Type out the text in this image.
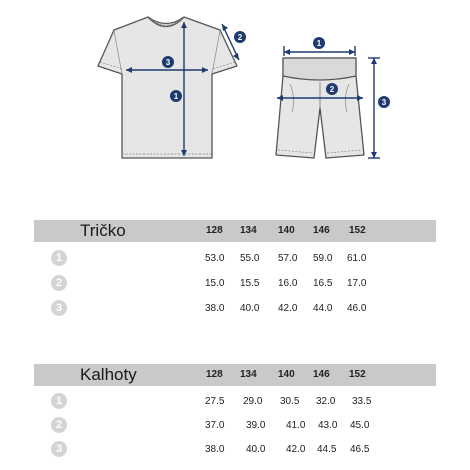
1
2
3
1
2
3
Tričko	128 134 140 146 152
1	53.0 55.0 57.0 59.0 61.0
2	15.0 15.5 16.0 16.5 17.0
3	38.0 40.0 42.0 44.0 46.0
Kalhoty	128 134 140 146 152
1	27.5 29.0 30.5 32.0 33.5
2	37.0 39.0 41.0 43.0 45.0
3	38.0 40.0 42.0 44.5 46.5
